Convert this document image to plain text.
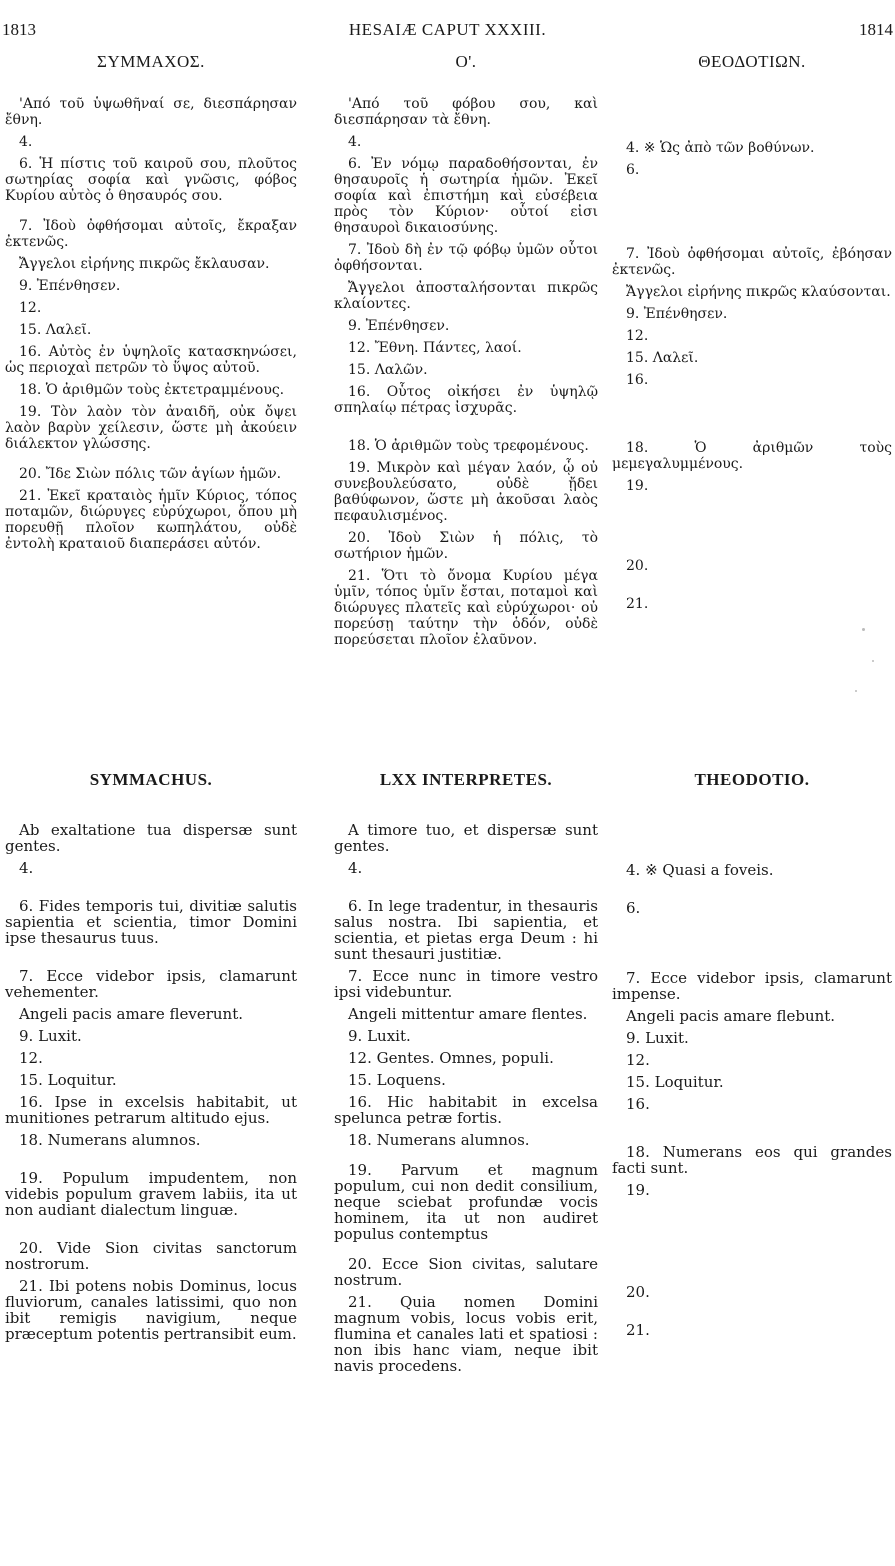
1813	HESAIÆ CAPUT XXXIII.	1814
ΣΥΜΜΑΧΟΣ.

'Από τοῦ ὑψωθῆναί σε, διεσπάρησαν ἔθνη.

4.

6. Ἡ πίστις τοῦ καιροῦ σου, πλοῦτος σωτηρίας σοφία καὶ γνῶσις, φόβος Κυρίου αὐτὸς ὁ θησαυρός σου.

7. Ἰδοὺ ὀφθήσομαι αὐτοῖς, ἔκραξαν ἐκτενῶς.

Ἄγγελοι εἰρήνης πικρῶς ἔκλαυσαν.

9. Ἐπένθησεν.

12.

15. Λαλεῖ.

16. Αὐτὸς ἐν ὑψηλοῖς κατασκηνώσει, ὡς περιοχαὶ πετρῶν τὸ ὕψος αὐτοῦ.

18. Ὁ ἀριθμῶν τοὺς ἐκτετραμμένους.

19. Τὸν λαὸν τὸν ἀναιδῆ, οὐκ ὄψει λαὸν βαρὺν χείλεσιν, ὥστε μὴ ἀκούειν διάλεκτον γλώσσης.

20. Ἴδε Σιὼν πόλις τῶν ἁγίων ἡμῶν.

21. Ἐκεῖ κραταιὸς ἡμῖν Κύριος, τόπος ποταμῶν, διώρυγες εὐρύχωροι, ὅπου μὴ πορευθῇ πλοῖον κωπηλάτου, οὐδὲ ἐντολὴ κραταιοῦ διαπεράσει αὐτόν.

Ο'.

'Από τοῦ φόβου σου, καὶ διεσπάρησαν τὰ ἔθνη.

4.

6. Ἐν νόμῳ παραδοθήσονται, ἐν θησαυροῖς ἡ σωτηρία ἡμῶν. Ἐκεῖ σοφία καὶ ἐπιστήμη καὶ εὐσέβεια πρὸς τὸν Κύριον· οὗτοί εἰσι θησαυροὶ δικαιοσύνης.

7. Ἰδοὺ δὴ ἐν τῷ φόβῳ ὑμῶν οὗτοι ὀφθήσονται.

Ἄγγελοι ἀποσταλήσονται πικρῶς κλαίοντες.

9. Ἐπένθησεν.

12. Ἔθνη. Πάντες, λαοί.

15. Λαλῶν.

16. Οὗτος οἰκήσει ἐν ὑψηλῷ σπηλαίῳ πέτρας ἰσχυρᾶς.

18. Ὁ ἀριθμῶν τοὺς τρεφομένους.

19. Μικρὸν καὶ μέγαν λαόν, ᾧ οὐ συνεβουλεύσατο, οὐδὲ ᾔδει βαθύφωνον, ὥστε μὴ ἀκοῦσαι λαὸς πεφαυλισμένος.

20. Ἰδοὺ Σιὼν ἡ πόλις, τὸ σωτήριον ἡμῶν.

21. Ὅτι τὸ ὄνομα Κυρίου μέγα ὑμῖν, τόπος ὑμῖν ἔσται, ποταμοὶ καὶ διώρυγες πλατεῖς καὶ εὐρύχωροι· οὐ πορεύσῃ ταύτην τὴν ὁδόν, οὐδὲ πορεύσεται πλοῖον ἐλαῦνον.

ΘΕΟΔΟΤΙΩΝ.

4. ※ Ὡς ἀπὸ τῶν βοθύνων.

6.

7. Ἰδοὺ ὀφθήσομαι αὐτοῖς, ἐβόησαν ἐκτενῶς.

Ἄγγελοι εἰρήνης πικρῶς κλαύσονται.

9. Ἐπένθησεν.

12.

15. Λαλεῖ.

16.

18. Ὁ ἀριθμῶν τοὺς μεμεγαλυμμένους.

19.

20.

21.

SYMMACHUS.

Ab exaltatione tua dispersæ sunt gentes.

4.

6. Fides temporis tui, divitiæ salutis sapientia et scientia, timor Domini ipse thesaurus tuus.

7. Ecce videbor ipsis, clamarunt vehementer.

Angeli pacis amare fleverunt.

9. Luxit.

12.

15. Loquitur.

16. Ipse in excelsis habitabit, ut munitiones petrarum altitudo ejus.

18. Numerans alumnos.

19. Populum impudentem, non videbis populum gravem labiis, ita ut non audiant dialectum linguæ.

20. Vide Sion civitas sanctorum nostrorum.

21. Ibi potens nobis Dominus, locus fluviorum, canales latissimi, quo non ibit remigis navigium, neque præceptum potentis pertransibit eum.

LXX INTERPRETES.

A timore tuo, et dispersæ sunt gentes.

4.

6. In lege tradentur, in thesauris salus nostra. Ibi sapientia, et scientia, et pietas erga Deum : hi sunt thesauri justitiæ.

7. Ecce nunc in timore vestro ipsi videbuntur.

Angeli mittentur amare flentes.

9. Luxit.

12. Gentes. Omnes, populi.

15. Loquens.

16. Hic habitabit in excelsa spelunca petræ fortis.

18. Numerans alumnos.

19. Parvum et magnum populum, cui non dedit consilium, neque sciebat profundæ vocis hominem, ita ut non audiret populus contemptus

20. Ecce Sion civitas, salutare nostrum.

21. Quia nomen Domini magnum vobis, locus vobis erit, flumina et canales lati et spatiosi : non ibis hanc viam, neque ibit navis procedens.

THEODOTIO.

4. ※ Quasi a foveis.

6.

7. Ecce videbor ipsis, clamarunt impense.

Angeli pacis amare flebunt.

9. Luxit.

12.

15. Loquitur.

16.

18. Numerans eos qui grandes facti sunt.

19.

20.

21.
